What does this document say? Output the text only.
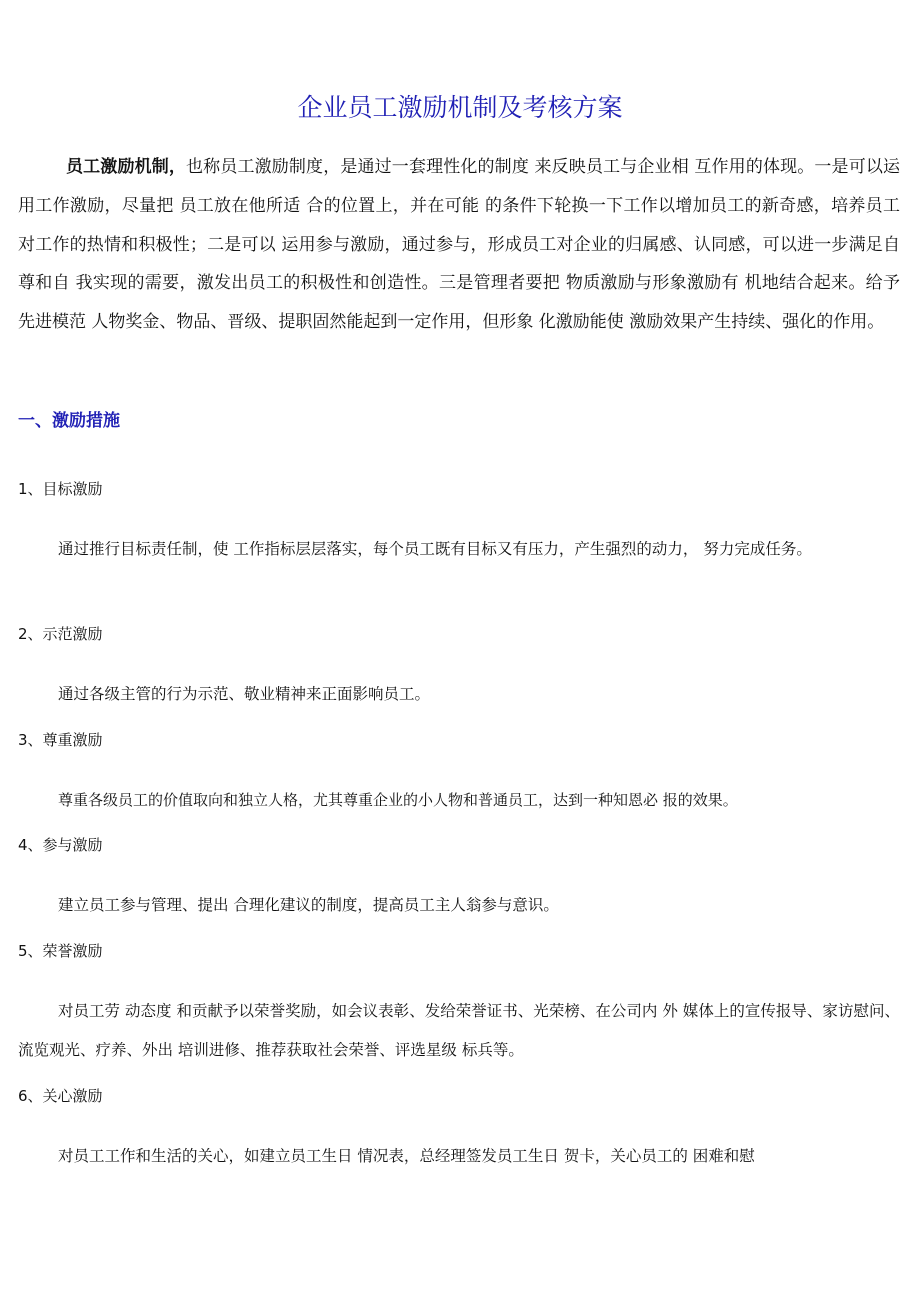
企业员工激励机制及考核方案
员工激励机制，也称员工激励制度，是通过一套理性化的制度 来反映员工与企业相 互作用的体现。一是可以运用工作激励，尽量把 员工放在他所适 合的位置上，并在可能 的条件下轮换一下工作以增加员工的新奇感，培养员工对工作的热情和积极性；二是可以 运用参与激励，通过参与，形成员工对企业的归属感、认同感，可以进一步满足自尊和自 我实现的需要，激发出员工的积极性和创造性。三是管理者要把 物质激励与形象激励有 机地结合起来。给予先进模范 人物奖金、物品、晋级、提职固然能起到一定作用，但形象 化激励能使 激励效果产生持续、强化的作用。
一、激励措施
1、目标激励
通过推行目标责任制，使 工作指标层层落实，每个员工既有目标又有压力，产生强烈的动力， 努力完成任务。
2、示范激励
通过各级主管的行为示范、敬业精神来正面影响员工。
3、尊重激励
尊重各级员工的价值取向和独立人格，尤其尊重企业的小人物和普通员工，达到一种知恩必 报的效果。
4、参与激励
建立员工参与管理、提出 合理化建议的制度，提高员工主人翁参与意识。
5、荣誉激励
对员工劳 动态度 和贡献予以荣誉奖励，如会议表彰、发给荣誉证书、光荣榜、在公司内 外 媒体上的宣传报导、家访慰问、流览观光、疗养、外出 培训进修、推荐获取社会荣誉、评选星级 标兵等。
6、关心激励
对员工工作和生活的关心，如建立员工生日 情况表，总经理签发员工生日 贺卡，关心员工的 困难和慰
